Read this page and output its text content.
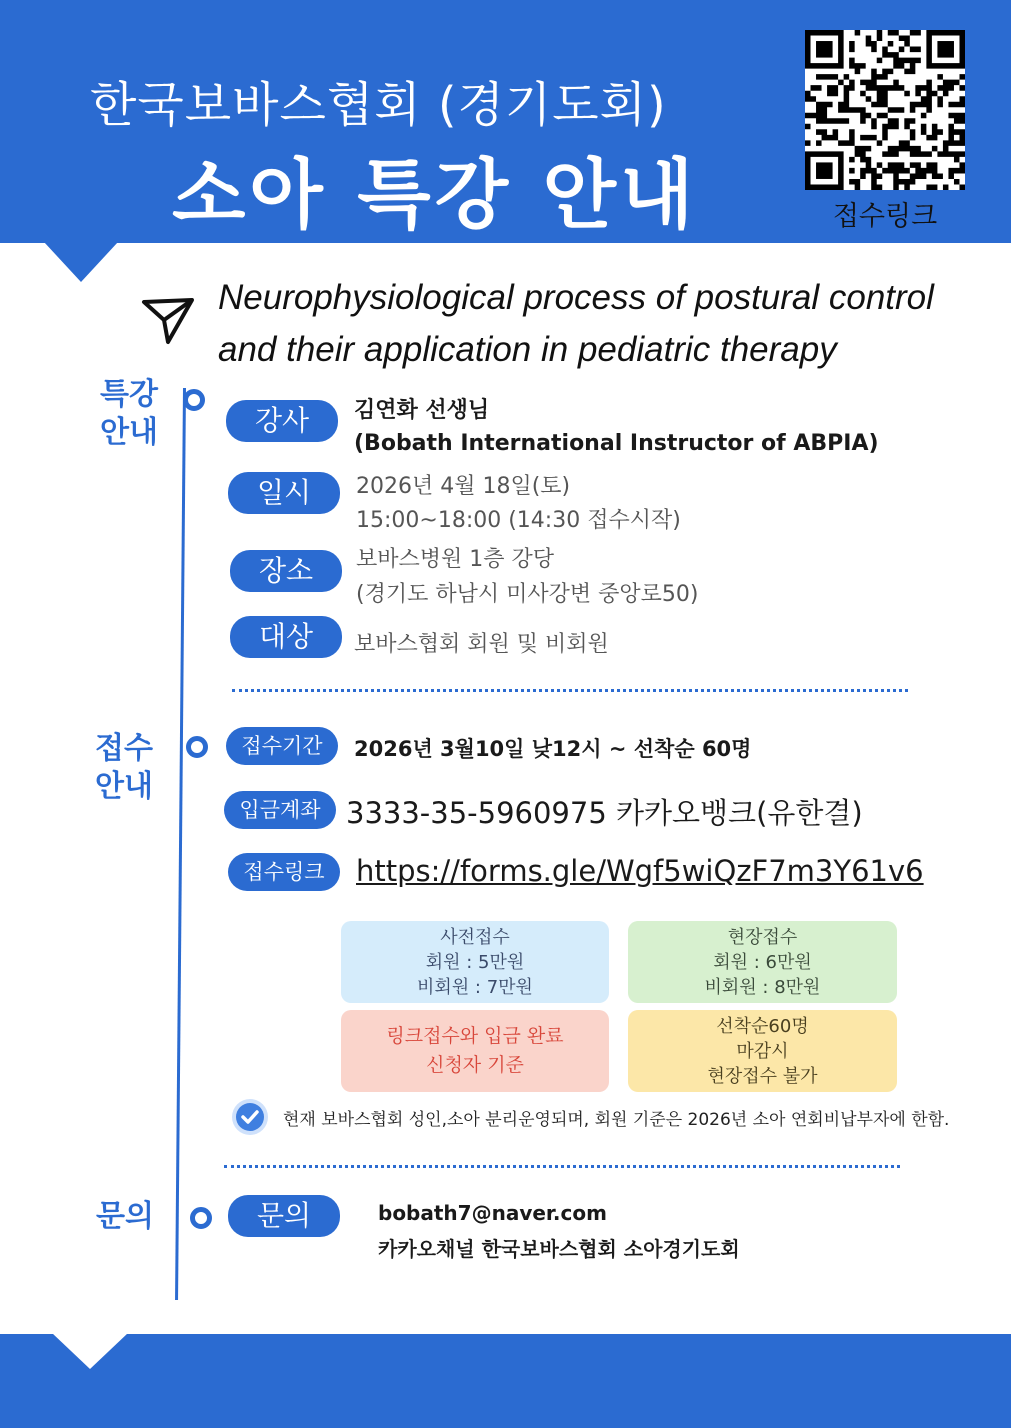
한국보바스협회 (경기도회)
소아 특강 안내	접수링크
Neurophysiological process of postural control
and their application in pediatric therapy
특강
안내	강사	김연화 선생님
(Bobath International Instructor of ABPIA)
일시	2026년 4월 18일(토)
15:00~18:00 (14:30 접수시작)
장소	보바스병원 1층 강당
(경기도 하남시 미사강변 중앙로50)
대상	보바스협회 회원 및 비회원
접수
안내
접수기간	2026년 3월10일 낮12시 ~ 선착순 60명
입금계좌 3333-35-5960975 카카오뱅크(유한결)
접수링크	https://forms.gle/Wgf5wiQzF7m3Y61v6
사전접수
회원 : 5만원
비회원 : 7만원
현장접수
회원 : 6만원
비회원 : 8만원
링크접수와 입금 완료
신청자 기준
선착순60명
마감시
현장접수 불가
현재 보바스협회 성인,소아 분리운영되며, 회원 기준은 2026년 소아 연회비납부자에 한함.
문의	문의	bobath7@naver.com
카카오채널 한국보바스협회 소아경기도회
